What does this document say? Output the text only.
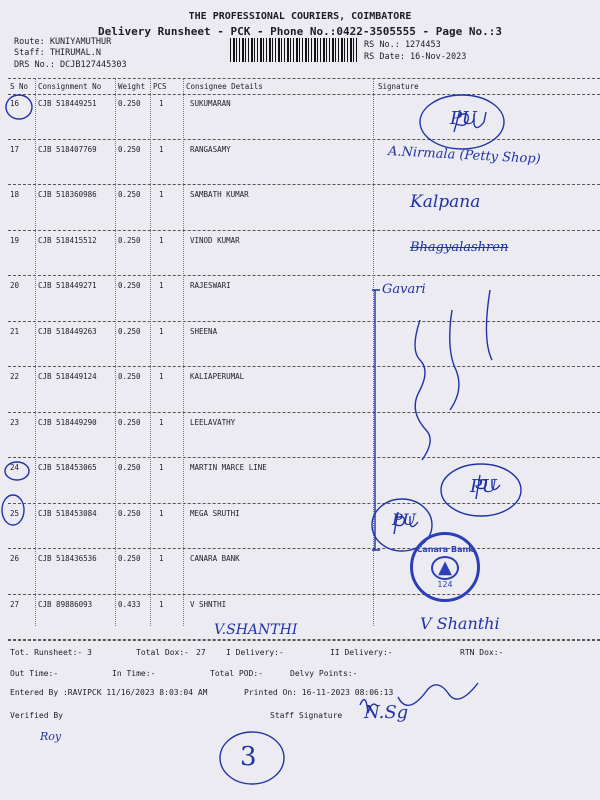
THE PROFESSIONAL COURIERS, COIMBATORE
Delivery Runsheet - PCK - Phone No.:0422-3505555 - Page No.:3
Route: KUNIYAMUTHUR
Staff: THIRUMAL.N
DRS No.: DCJB127445303
RS No.: 1274453
RS Date: 16-Nov-2023
S No Consignment No Weight PCS	Consignee Details	Signature
16	CJB 518449251	0.250 1	SUKUMARAN
17	CJB 518407769	0.250 1	RANGASAMY
18	CJB 518360986	0.250 1	SAMBATH KUMAR
19	CJB 518415512	0.250 1	VINOD KUMAR
20	CJB 518449271	0.250 1	RAJESWARI
21	CJB 518449263	0.250 1	SHEENA
22	CJB 518449124	0.250 1	KALIAPERUMAL
23	CJB 518449290	0.250 1	LEELAVATHY
24	CJB 518453065	0.250 1	MARTIN MARCE LINE
25	CJB 518453084	0.250 1	MEGA SRUTHI
26	CJB 518436536	0.250 1	CANARA BANK
27	CJB 89886093	0.433 1	V SHNTHI
PU
A.Nirmala (Petty Shop)
Kalpana
Bhagyalashren
Gavari
PU
PU
V.SHANTHI	V Shanthi
N.Sg
Roy
3
Canara Bank
▲
124
Tot. Runsheet:- 3	Total Dox:- 27	I Delivery:-	II Delivery:-	RTN Dox:-
Out Time:-	In Time:-	Total POD:-	Delvy Points:-
Entered By :RAVIPCK 11/16/2023 8:03:04 AM	Printed On: 16-11-2023 08:06:13
Verified By	Staff Signature
